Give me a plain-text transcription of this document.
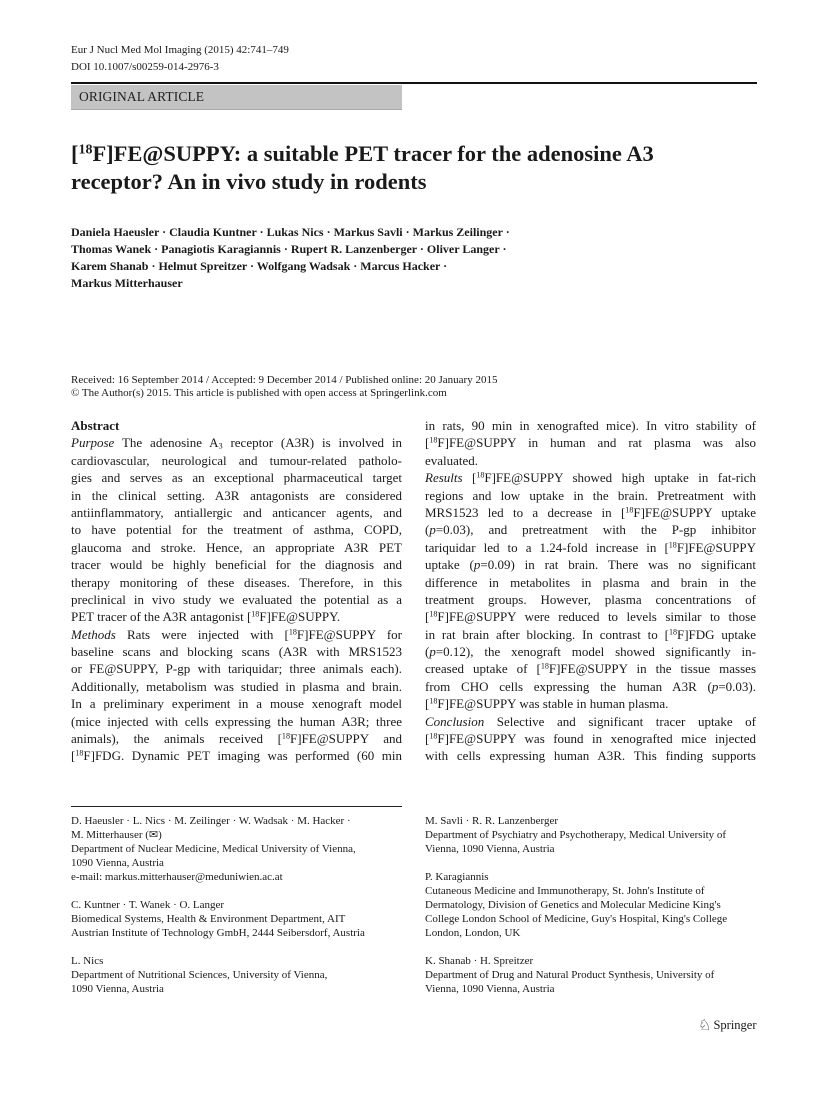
Eur J Nucl Med Mol Imaging (2015) 42:741–749
DOI 10.1007/s00259-014-2976-3
ORIGINAL ARTICLE
[$^{18}$F]FE@SUPPY: a suitable PET tracer for the adenosine A3
receptor? An in vivo study in rodents
Daniela Haeusler · Claudia Kuntner · Lukas Nics · Markus Savli · Markus Zeilinger ·
Thomas Wanek · Panagiotis Karagiannis · Rupert R. Lanzenberger · Oliver Langer ·
Karem Shanab · Helmut Spreitzer · Wolfgang Wadsak · Marcus Hacker ·
Markus Mitterhauser
Received: 16 September 2014 / Accepted: 9 December 2014 / Published online: 20 January 2015
© The Author(s) 2015. This article is published with open access at Springerlink.com
Abstract
Purpose The adenosine $A_3$ receptor (A3R) is involved in
cardiovascular, neurological and tumour-related patholo-
gies and serves as an exceptional pharmaceutical target
in the clinical setting. A3R antagonists are considered
antiinflammatory, antiallergic and anticancer agents, and
to have potential for the treatment of asthma, COPD,
glaucoma and stroke. Hence, an appropriate A3R PET
tracer would be highly beneficial for the diagnosis and
therapy monitoring of these diseases. Therefore, in this
preclinical in vivo study we evaluated the potential as a
PET tracer of the A3R antagonist [$^{18}$F]FE@SUPPY.
Methods Rats were injected with [$^{18}$F]FE@SUPPY for
baseline scans and blocking scans (A3R with MRS1523
or FE@SUPPY, P-gp with tariquidar; three animals each).
Additionally, metabolism was studied in plasma and brain.
In a preliminary experiment in a mouse xenograft model
(mice injected with cells expressing the human A3R; three
animals), the animals received [$^{18}$F]FE@SUPPY and
[$^{18}$F]FDG. Dynamic PET imaging was performed (60 min
in rats, 90 min in xenografted mice). In vitro stability of
[$^{18}$F]FE@SUPPY in human and rat plasma was also
evaluated.
Results [$^{18}$F]FE@SUPPY showed high uptake in fat-rich
regions and low uptake in the brain. Pretreatment with
MRS1523 led to a decrease in [$^{18}$F]FE@SUPPY uptake
(p=0.03), and pretreatment with the P-gp inhibitor
tariquidar led to a 1.24-fold increase in [$^{18}$F]FE@SUPPY
uptake (p=0.09) in rat brain. There was no significant
difference in metabolites in plasma and brain in the
treatment groups. However, plasma concentrations of
[$^{18}$F]FE@SUPPY were reduced to levels similar to those
in rat brain after blocking. In contrast to [$^{18}$F]FDG uptake
(p=0.12), the xenograft model showed significantly in-
creased uptake of [$^{18}$F]FE@SUPPY in the tissue masses
from CHO cells expressing the human A3R (p=0.03).
[$^{18}$F]FE@SUPPY was stable in human plasma.
Conclusion Selective and significant tracer uptake of
[$^{18}$F]FE@SUPPY was found in xenografted mice injected
with cells expressing human A3R. This finding supports
D. Haeusler · L. Nics · M. Zeilinger · W. Wadsak · M. Hacker ·
M. Mitterhauser (✉)
Department of Nuclear Medicine, Medical University of Vienna,
1090 Vienna, Austria
e-mail: markus.mitterhauser@meduniwien.ac.at
C. Kuntner · T. Wanek · O. Langer
Biomedical Systems, Health & Environment Department, AIT
Austrian Institute of Technology GmbH, 2444 Seibersdorf, Austria
L. Nics
Department of Nutritional Sciences, University of Vienna,
1090 Vienna, Austria
M. Savli · R. R. Lanzenberger
Department of Psychiatry and Psychotherapy, Medical University of
Vienna, 1090 Vienna, Austria
P. Karagiannis
Cutaneous Medicine and Immunotherapy, St. John's Institute of
Dermatology, Division of Genetics and Molecular Medicine King's
College London School of Medicine, Guy's Hospital, King's College
London, London, UK
K. Shanab · H. Spreitzer
Department of Drug and Natural Product Synthesis, University of
Vienna, 1090 Vienna, Austria
♘ Springer
